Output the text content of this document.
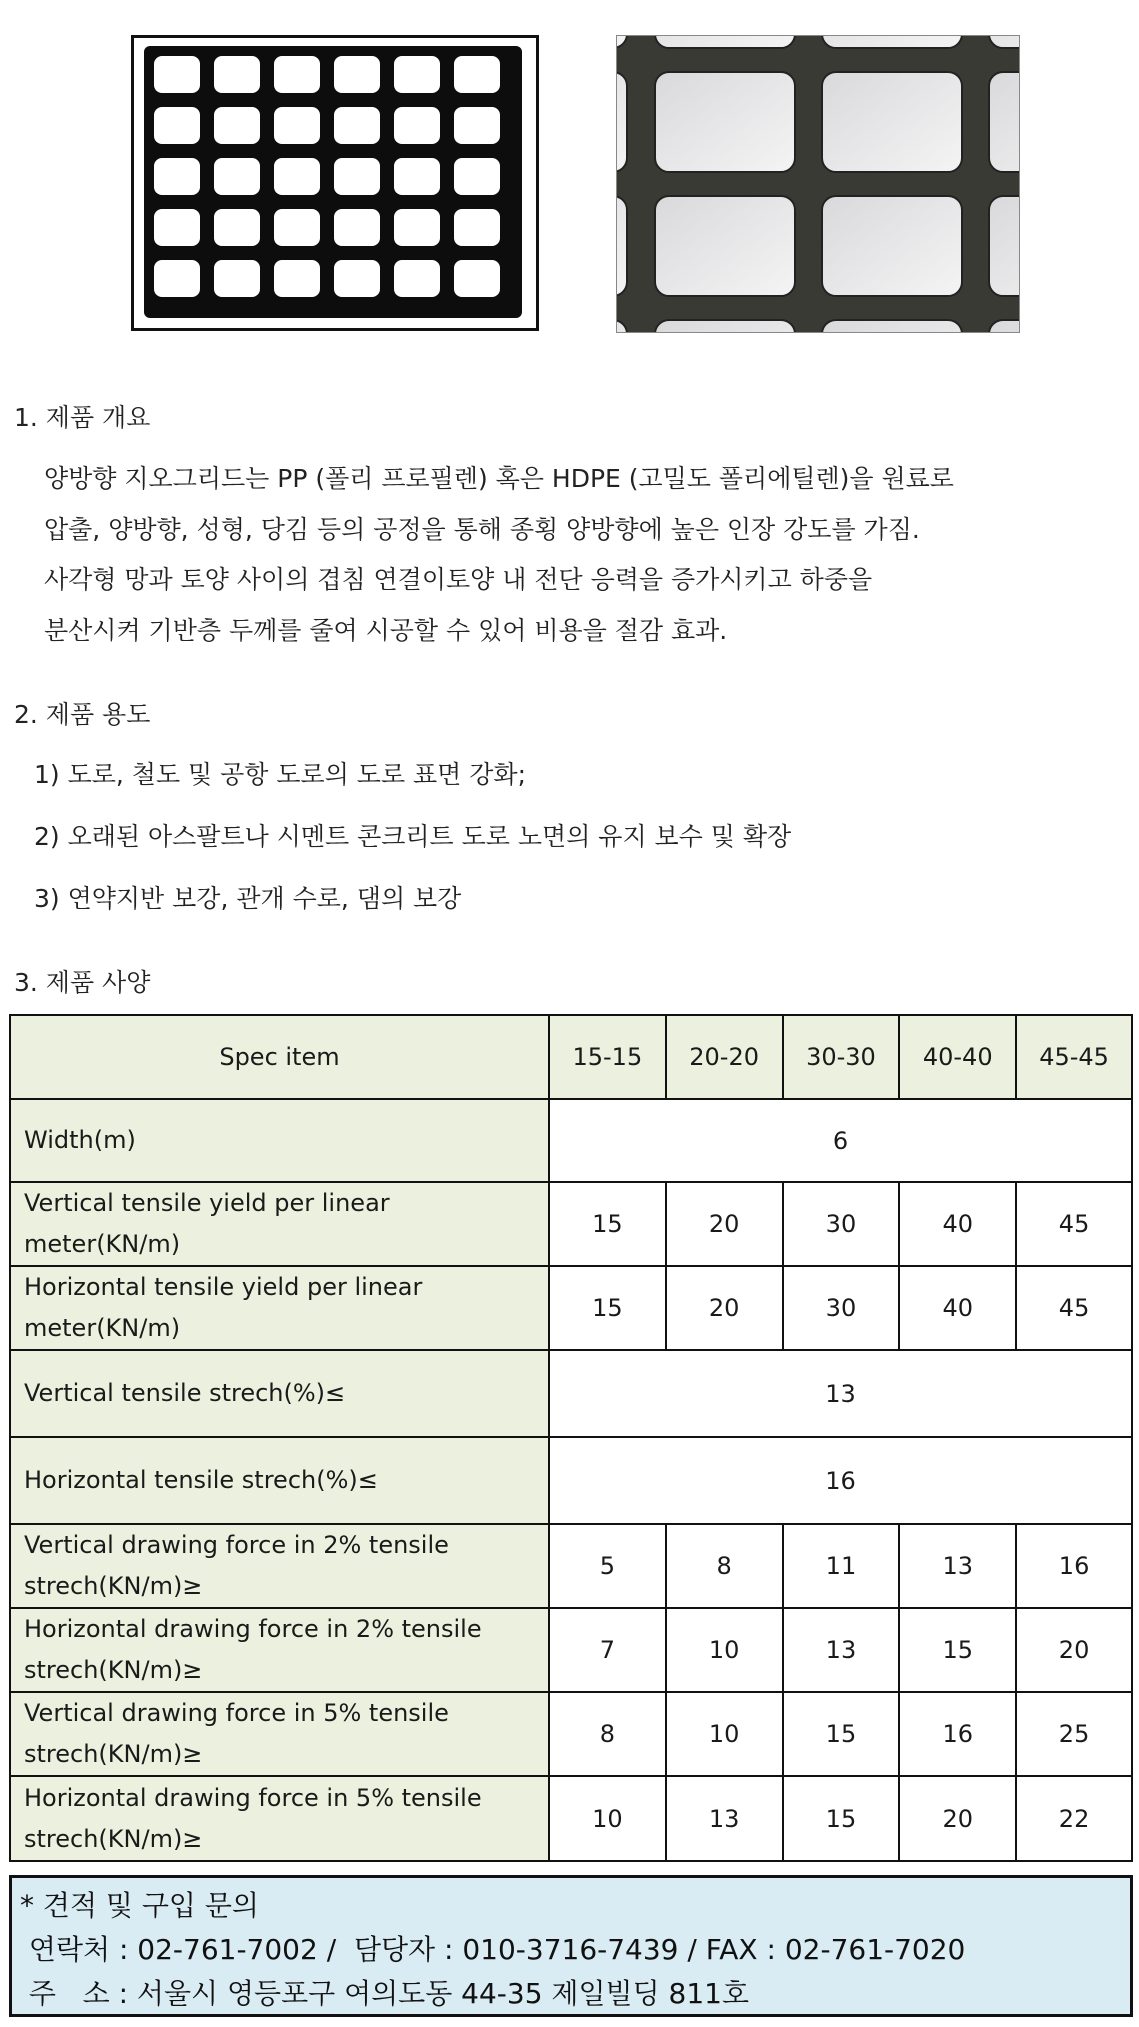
1. 제품 개요
양방향 지오그리드는 PP (폴리 프로필렌) 혹은 HDPE (고밀도 폴리에틸렌)을 원료로
압출, 양방향, 성형, 당김 등의 공정을 통해 종횡 양방향에 높은 인장 강도를 가짐.
사각형 망과 토양 사이의 겹침 연결이토양 내 전단 응력을 증가시키고 하중을
분산시켜 기반층 두께를 줄여 시공할 수 있어 비용을 절감 효과.
2. 제품 용도
1) 도로, 철도 및 공항 도로의 도로 표면 강화;
2) 오래된 아스팔트나 시멘트 콘크리트 도로 노면의 유지 보수 및 확장
3) 연약지반 보강, 관개 수로, 댐의 보강
3. 제품 사양
Spec item	15-15	20-20	30-30	40-40	45-45
Width(m)	6				
Vertical tensile yield per linear
meter(KN/m)	15	20	30	40	45
Horizontal tensile yield per linear
meter(KN/m)	15	20	30	40	45
Vertical tensile strech(%)≤	13				
Horizontal tensile strech(%)≤	16				
Vertical drawing force in 2% tensile
strech(KN/m)≥	5	8	11	13	16
Horizontal drawing force in 2% tensile
strech(KN/m)≥	7	10	13	15	20
Vertical drawing force in 5% tensile
strech(KN/m)≥	8	10	15	16	25
Horizontal drawing force in 5% tensile
strech(KN/m)≥	10	13	15	20	22
* 견적 및 구입 문의
연락처 : 02-761-7002 /  담당자 : 010-3716-7439 / FAX : 02-761-7020
주   소 : 서울시 영등포구 여의도동 44-35 제일빌딩 811호
